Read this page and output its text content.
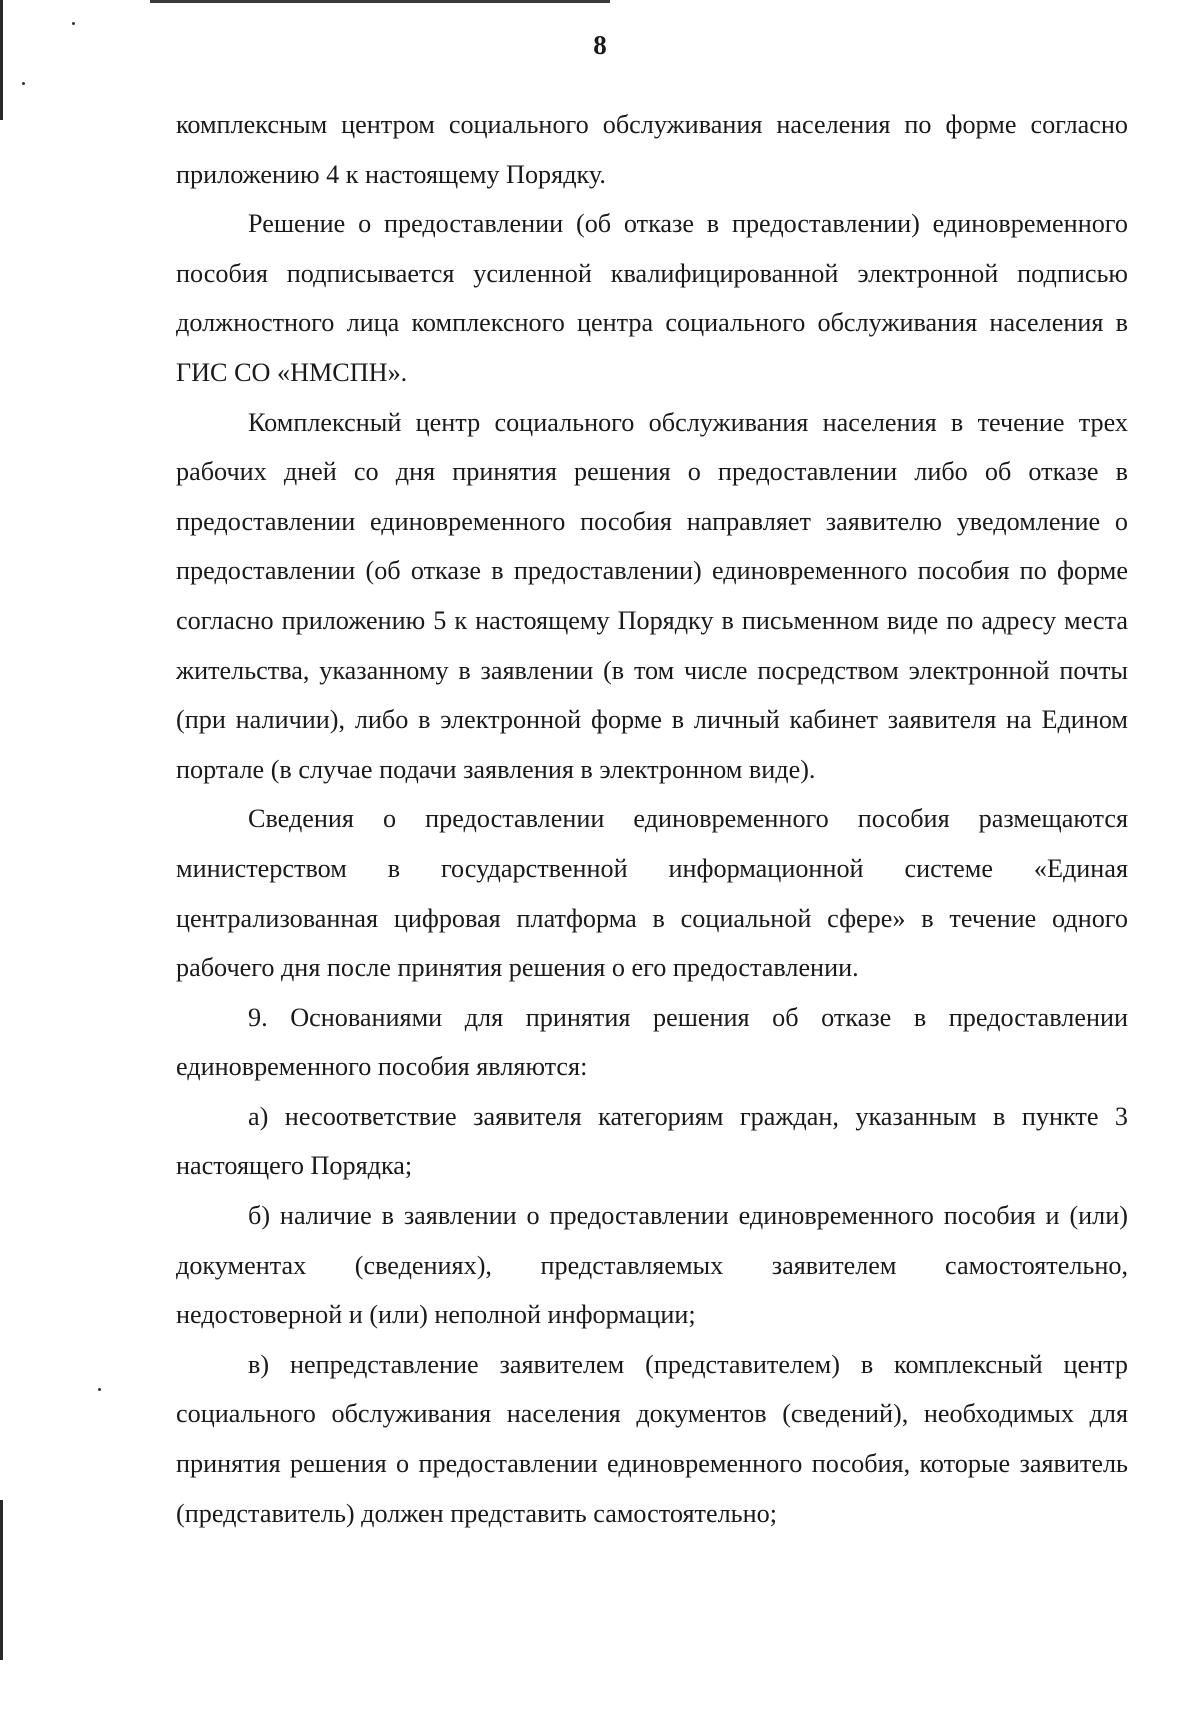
8

комплексным центром социального обслуживания населения по форме согласно приложению 4 к настоящему Порядку.

Решение о предоставлении (об отказе в предоставлении) единовременного пособия подписывается усиленной квалифицированной электронной подписью должностного лица комплексного центра социального обслуживания населения в ГИС СО «НМСПН».

Комплексный центр социального обслуживания населения в течение трех рабочих дней со дня принятия решения о предоставлении либо об отказе в предоставлении единовременного пособия направляет заявителю уведомление о предоставлении (об отказе в предоставлении) единовременного пособия по форме согласно приложению 5 к настоящему Порядку в письменном виде по адресу места жительства, указанному в заявлении (в том числе посредством электронной почты (при наличии), либо в электронной форме в личный кабинет заявителя на Едином портале (в случае подачи заявления в электронном виде).

Сведения о предоставлении единовременного пособия размещаются министерством в государственной информационной системе «Единая централизованная цифровая платформа в социальной сфере» в течение одного рабочего дня после принятия решения о его предоставлении.

9. Основаниями для принятия решения об отказе в предоставлении единовременного пособия являются:

а) несоответствие заявителя категориям граждан, указанным в пункте 3 настоящего Порядка;

б) наличие в заявлении о предоставлении единовременного пособия и (или) документах (сведениях), представляемых заявителем самостоятельно, недостоверной и (или) неполной информации;

в) непредставление заявителем (представителем) в комплексный центр социального обслуживания населения документов (сведений), необходимых для принятия решения о предоставлении единовременного пособия, которые заявитель (представитель) должен представить самостоятельно;
